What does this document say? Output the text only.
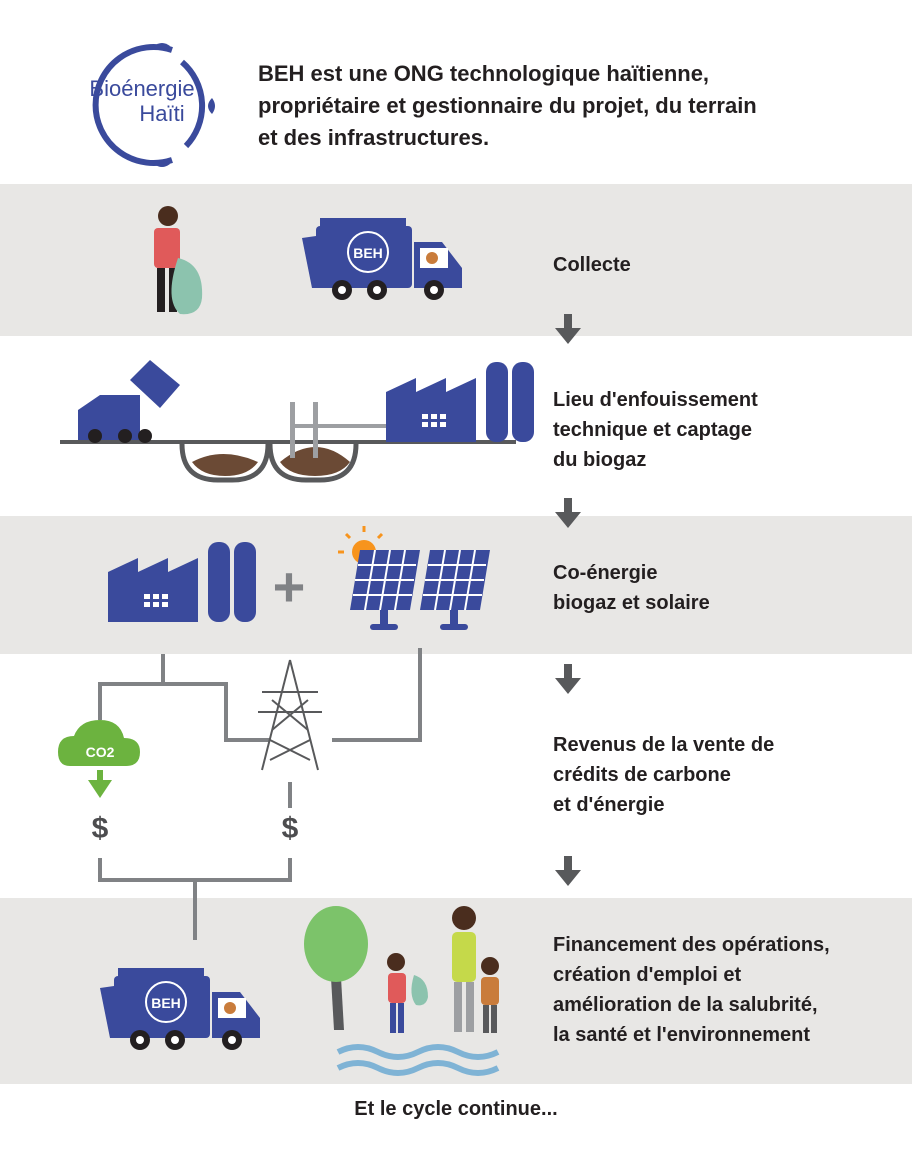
Bioénergie
Haïti
BEH est une ONG technologique haïtienne,
propriétaire et gestionnaire du projet, du terrain
et des infrastructures.
BEH
+
CO2
BEH
$	$
Collecte
Lieu d'enfouissement
technique et captage
du biogaz
Co-énergie
biogaz et solaire
Revenus de la vente de
crédits de carbone
et d'énergie
Financement des opérations,
création d'emploi et
amélioration de la salubrité,
la santé et l'environnement
Et le cycle continue...
